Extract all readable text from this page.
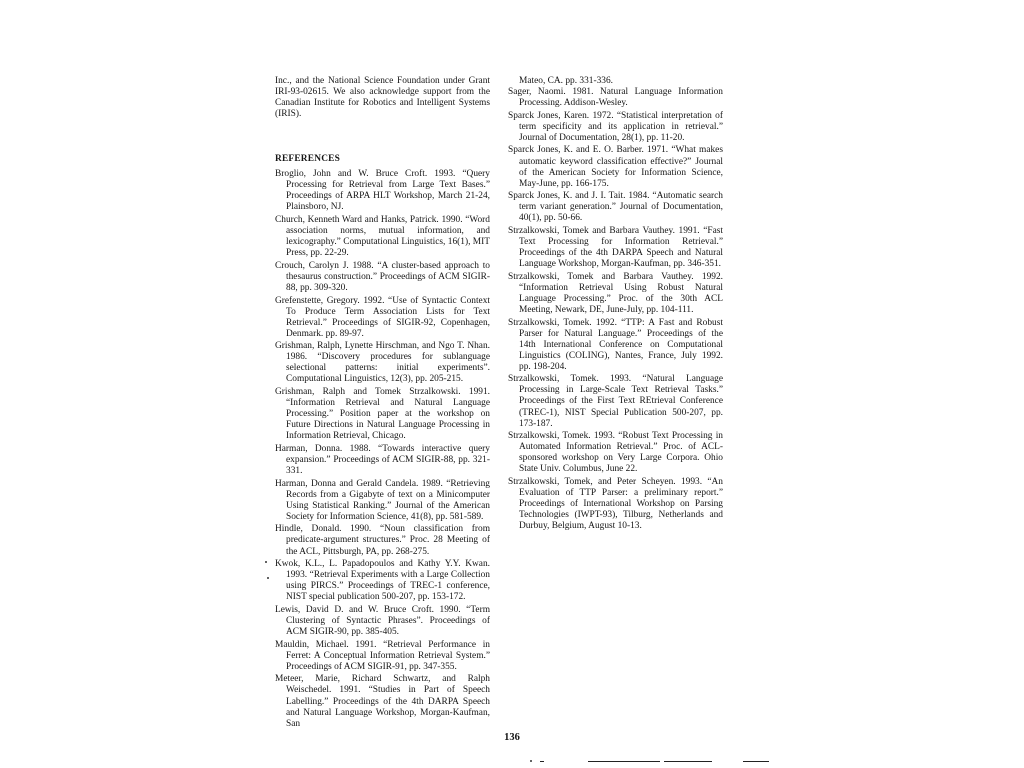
Inc., and the National Science Foundation under Grant IRI-93-02615. We also acknowledge support from the Canadian Institute for Robotics and Intelligent Systems (IRIS).

REFERENCES
Broglio, John and W. Bruce Croft. 1993. “Query Processing for Retrieval from Large Text Bases.” Proceedings of ARPA HLT Workshop, March 21-24, Plainsboro, NJ.
Church, Kenneth Ward and Hanks, Patrick. 1990. “Word association norms, mutual information, and lexicography.” Computational Linguistics, 16(1), MIT Press, pp. 22-29.
Crouch, Carolyn J. 1988. “A cluster-based approach to thesaurus construction.” Proceedings of ACM SIGIR-88, pp. 309-320.
Grefenstette, Gregory. 1992. “Use of Syntactic Context To Produce Term Association Lists for Text Retrieval.” Proceedings of SIGIR-92, Copenhagen, Denmark. pp. 89-97.
Grishman, Ralph, Lynette Hirschman, and Ngo T. Nhan. 1986. “Discovery procedures for sublanguage selectional patterns: initial experiments”. Computational Linguistics, 12(3), pp. 205-215.
Grishman, Ralph and Tomek Strzalkowski. 1991. “Information Retrieval and Natural Language Processing.” Position paper at the workshop on Future Directions in Natural Language Processing in Information Retrieval, Chicago.
Harman, Donna. 1988. “Towards interactive query expansion.” Proceedings of ACM SIGIR-88, pp. 321-331.
Harman, Donna and Gerald Candela. 1989. “Retrieving Records from a Gigabyte of text on a Minicomputer Using Statistical Ranking.” Journal of the American Society for Information Science, 41(8), pp. 581-589.
Hindle, Donald. 1990. “Noun classification from predicate-argument structures.” Proc. 28 Meeting of the ACL, Pittsburgh, PA, pp. 268-275.
Kwok, K.L., L. Papadopoulos and Kathy Y.Y. Kwan. 1993. “Retrieval Experiments with a Large Collection using PIRCS.” Proceedings of TREC-1 conference, NIST special publication 500-207, pp. 153-172.
Lewis, David D. and W. Bruce Croft. 1990. “Term Clustering of Syntactic Phrases”. Proceedings of ACM SIGIR-90, pp. 385-405.
Mauldin, Michael. 1991. “Retrieval Performance in Ferret: A Conceptual Information Retrieval System.” Proceedings of ACM SIGIR-91, pp. 347-355.
Meteer, Marie, Richard Schwartz, and Ralph Weischedel. 1991. “Studies in Part of Speech Labelling.” Proceedings of the 4th DARPA Speech and Natural Language Workshop, Morgan-Kaufman, San

Mateo, CA. pp. 331-336.

Sager, Naomi. 1981. Natural Language Information Processing. Addison-Wesley.
Sparck Jones, Karen. 1972. “Statistical interpretation of term specificity and its application in retrieval.” Journal of Documentation, 28(1), pp. 11-20.
Sparck Jones, K. and E. O. Barber. 1971. “What makes automatic keyword classification effective?” Journal of the American Society for Information Science, May-June, pp. 166-175.
Sparck Jones, K. and J. I. Tait. 1984. “Automatic search term variant generation.” Journal of Documentation, 40(1), pp. 50-66.
Strzalkowski, Tomek and Barbara Vauthey. 1991. “Fast Text Processing for Information Retrieval.” Proceedings of the 4th DARPA Speech and Natural Language Workshop, Morgan-Kaufman, pp. 346-351.
Strzalkowski, Tomek and Barbara Vauthey. 1992. “Information Retrieval Using Robust Natural Language Processing.” Proc. of the 30th ACL Meeting, Newark, DE, June-July, pp. 104-111.
Strzalkowski, Tomek. 1992. “TTP: A Fast and Robust Parser for Natural Language.” Proceedings of the 14th International Conference on Computational Linguistics (COLING), Nantes, France, July 1992. pp. 198-204.
Strzalkowski, Tomek. 1993. “Natural Language Processing in Large-Scale Text Retrieval Tasks.” Proceedings of the First Text REtrieval Conference (TREC-1), NIST Special Publication 500-207, pp. 173-187.
Strzalkowski, Tomek. 1993. “Robust Text Processing in Automated Information Retrieval.” Proc. of ACL-sponsored workshop on Very Large Corpora. Ohio State Univ. Columbus, June 22.
Strzalkowski, Tomek, and Peter Scheyen. 1993. “An Evaluation of TTP Parser: a preliminary report.” Proceedings of International Workshop on Parsing Technologies (IWPT-93), Tilburg, Netherlands and Durbuy, Belgium, August 10-13.
136
